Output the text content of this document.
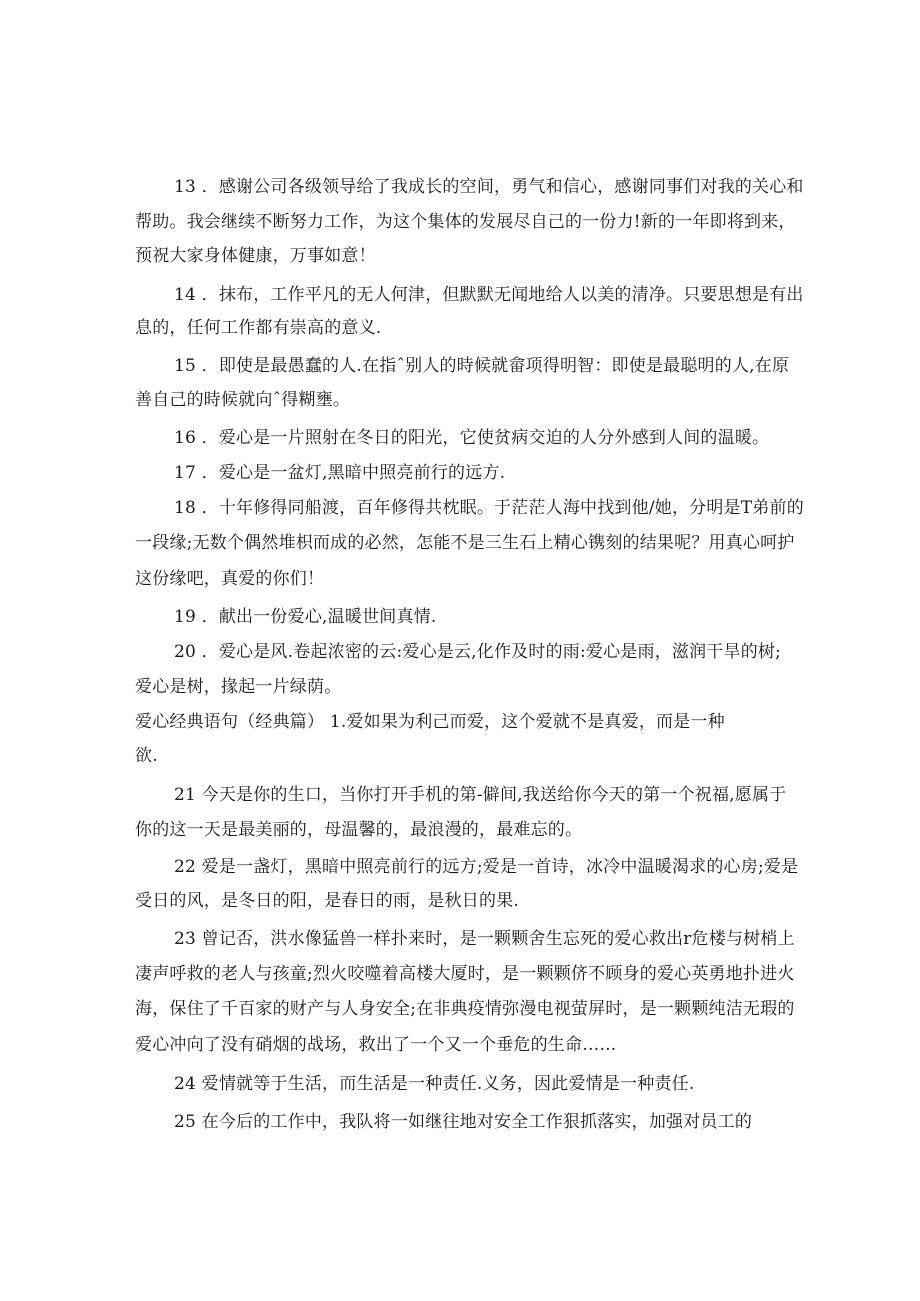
13 ．感谢公司各级领导给了我成长的空间，勇气和信心，感谢同事们对我的关心和
帮助。我会继续不断努力工作，为这个集体的发展尽自己的一份力!新的一年即将到来，
预祝大家身体健康，万事如意！
14 ．抹布，工作平凡的无人何津，但默默无闻地给人以美的清净。只要思想是有出
息的，任何工作都有崇高的意义.
15 ．即使是最愚蠢的人.在指ˆ别人的時候就畲项得明智：即使是最聪明的人,在原
善自己的時候就向ˆ得糊壅。
16 ．爱心是一片照射在冬日的阳光，它使贫病交迫的人分外感到人间的温暖。
17 ．爱心是一盆灯,黑暗中照亮前行的远方.
18 ．十年修得同船渡，百年修得共枕眠。于茫茫人海中找到他/她，分明是T弟前的
一段缘;无数个偶然堆枳而成的必然，怎能不是三生石上精心镌刻的结果呢？用真心呵护
这份缘吧，真爱的你们！
19 ．献出一份爱心,温暖世间真情.
20 ．爱心是风.卷起浓密的云:爱心是云,化作及时的雨:爱心是雨，滋润干旱的树;
爱心是树，掾起一片绿荫。
爱心经典语句（经典篇） 1.爱如果为利己而爱，这个爱就不是真爱，而是一种
欲.
21 今天是你的生口，当你打开手机的第-僻间,我送给你今天的第一个祝福,愿属于
你的这一天是最美丽的，母温馨的，最浪漫的，最难忘的。
22 爱是一盏灯，黑暗中照亮前行的远方;爱是一首诗，冰冷中温暖渴求的心房;爱是
受日的风，是冬日的阳，是春日的雨，是秋日的果.
23 曾记否，洪水像猛兽一样扑来时，是一颗颗舍生忘死的爱心救出r危楼与树梢上
凄声呼救的老人与孩童;烈火咬噬着高楼大厦时，是一颗颗侪不顾身的爱心英勇地扑进火
海，保住了千百家的财产与人身安全;在非典疫情弥漫电视萤屏时，是一颗颗纯洁无瑕的
爱心冲向了没有硝烟的战场，救出了一个又一个垂危的生命……
24 爱情就等于生活，而生活是一种责任.义务，因此爱情是一种责任.
25 在今后的工作中，我队将一如继往地对安全工作狠抓落实，加强对员工的
